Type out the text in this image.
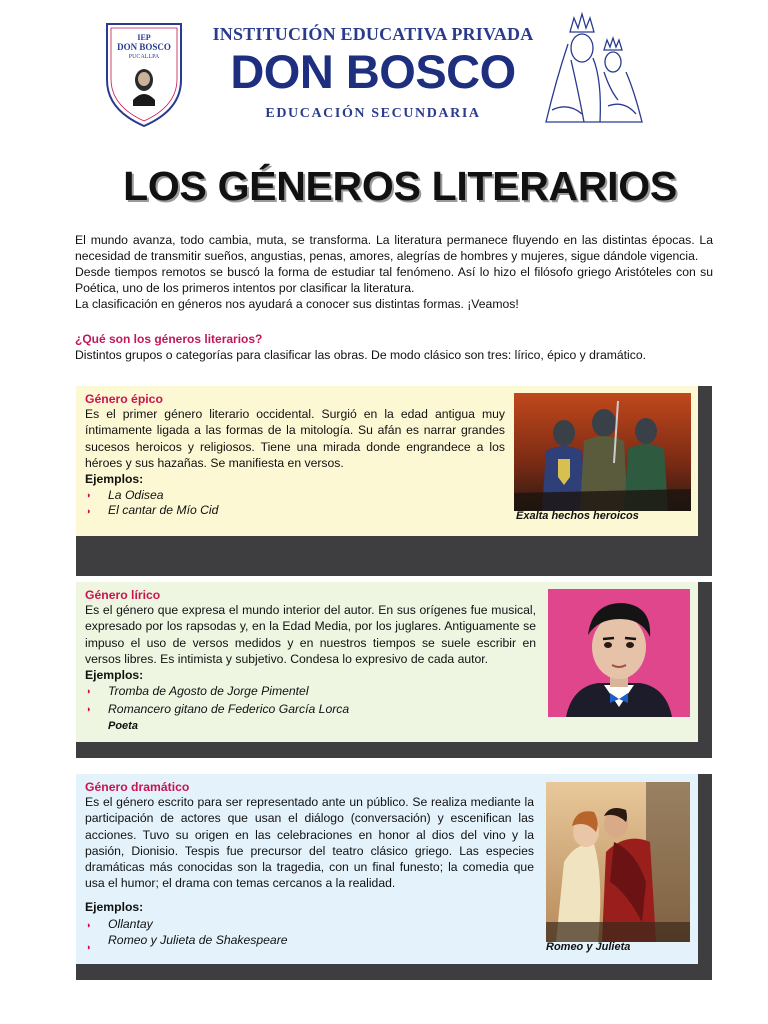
IEP
DON BOSCO
PUCALLPA
INSTITUCIÓN EDUCATIVA PRIVADA
DON BOSCO
EDUCACIÓN SECUNDARIA
LOS GÉNEROS LITERARIOS

El mundo avanza, todo cambia, muta, se transforma. La literatura permanece fluyendo en las distintas épocas. La necesidad de transmitir sueños, angustias, penas, amores, alegrías de hombres y mujeres, sigue dándole vigencia.

Desde tiempos remotos se buscó la forma de estudiar tal fenómeno. Así lo hizo el filósofo griego Aristóteles con su Poética, uno de los primeros intentos por clasificar la literatura.

La clasificación en géneros nos ayudará a conocer sus distintas formas. ¡Veamos!

¿Qué son los géneros literarios?
Distintos grupos o categorías para clasificar las obras. De modo clásico son tres: lírico, épico y dramático.
Género épico
Es el primer género literario occidental. Surgió en la edad antigua muy íntimamente ligada a las formas de la mitología. Su afán es narrar grandes sucesos heroicos y religiosos. Tiene una mirada donde engrandece a los héroes y sus hazañas. Se manifiesta en versos.
Ejemplos:
◗ La Odisea
◗ El cantar de Mío Cid	Exalta hechos heroicos
Género lírico
Es el género que expresa el mundo interior del autor. En sus orígenes fue musical, expresado por los rapsodas y, en la Edad Media, por los juglares. Antiguamente se impuso el uso de versos medidos y en nuestros tiempos se suele escribir en versos libres. Es intimista y subjetivo. Condesa lo expresivo de cada autor.
Ejemplos:
◗ Tromba de Agosto de Jorge Pimentel
◗ Romancero gitano de Federico García Lorca
Poeta
Género dramático
Es el género escrito para ser representado ante un público. Se realiza mediante la participación de actores que usan el diálogo (conversación) y escenifican las acciones. Tuvo su origen en las celebraciones en honor al dios del vino y la pasión, Dionisio. Tespis fue precursor del teatro clásico griego. Las especies dramáticas más conocidas son la tragedia, con un final funesto; la comedia que usa el humor; el drama con temas cercanos a la realidad.
Ejemplos:
◗ Ollantay
◗ Romeo y Julieta de Shakespeare	Romeo y Julieta
